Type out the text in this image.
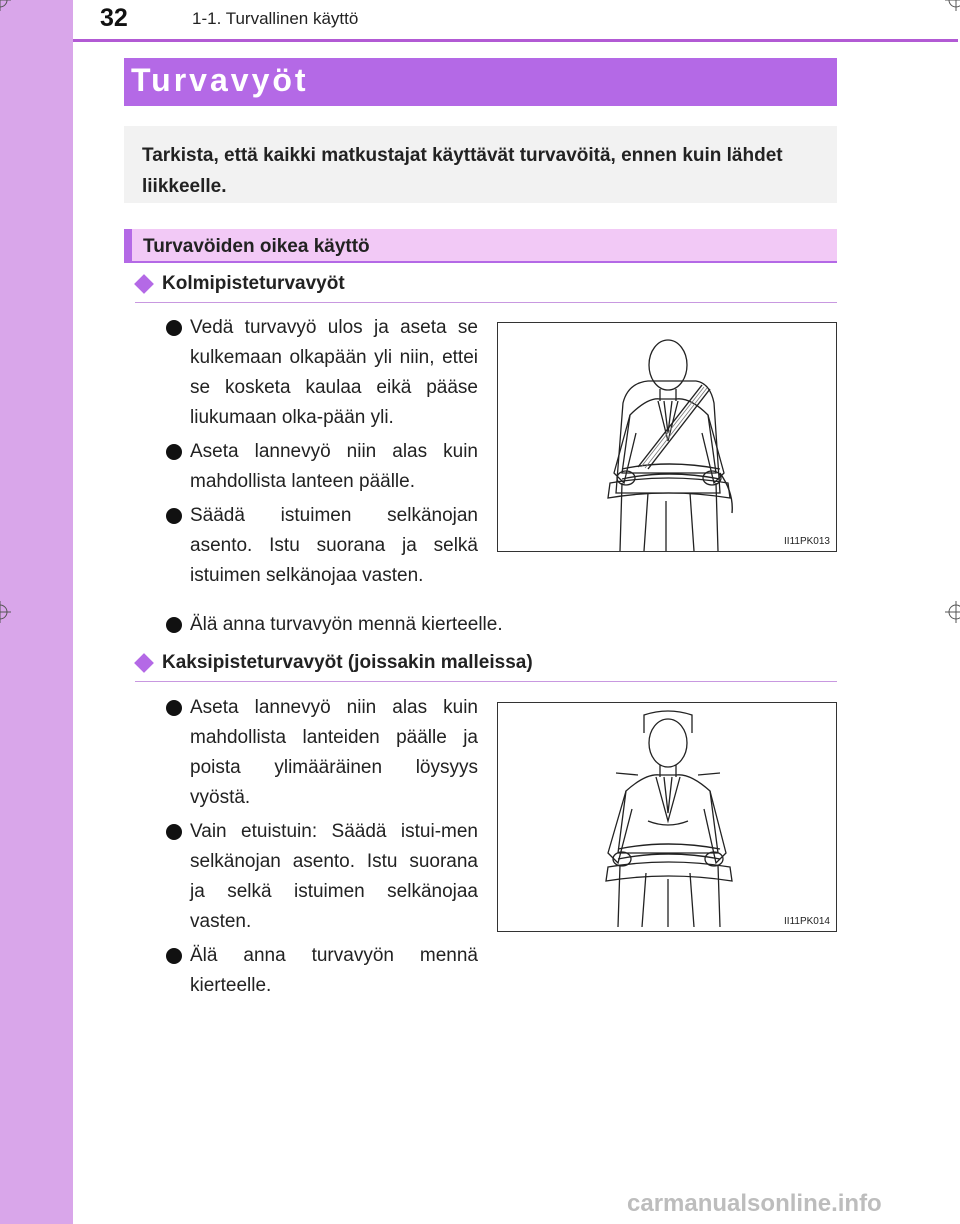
32	1-1. Turvallinen käyttö
Turvavyöt

Tarkista, että kaikki matkustajat käyttävät turvavöitä, ennen kuin lähdet liikkeelle.

Turvavöiden oikea käyttö
Kolmipisteturvavyöt
Vedä turvavyö ulos ja aseta se kulkemaan olkapään yli niin, ettei se kosketa kaulaa eikä pääse liukumaan olka-pään yli.
Aseta lannevyö niin alas kuin mahdollista lanteen päälle.
Säädä istuimen selkänojan asento. Istu suorana ja selkä istuimen selkänojaa vasten.
Älä anna turvavyön mennä kierteelle.
II11PK013
Kaksipisteturvavyöt (joissakin malleissa)
Aseta lannevyö niin alas kuin mahdollista lanteiden päälle ja poista ylimääräinen löysyys vyöstä.
Vain etuistuin: Säädä istui-men selkänojan asento. Istu suorana ja selkä istuimen selkänojaa vasten.
Älä anna turvavyön mennä kierteelle.
II11PK014
carmanualsonline.info
